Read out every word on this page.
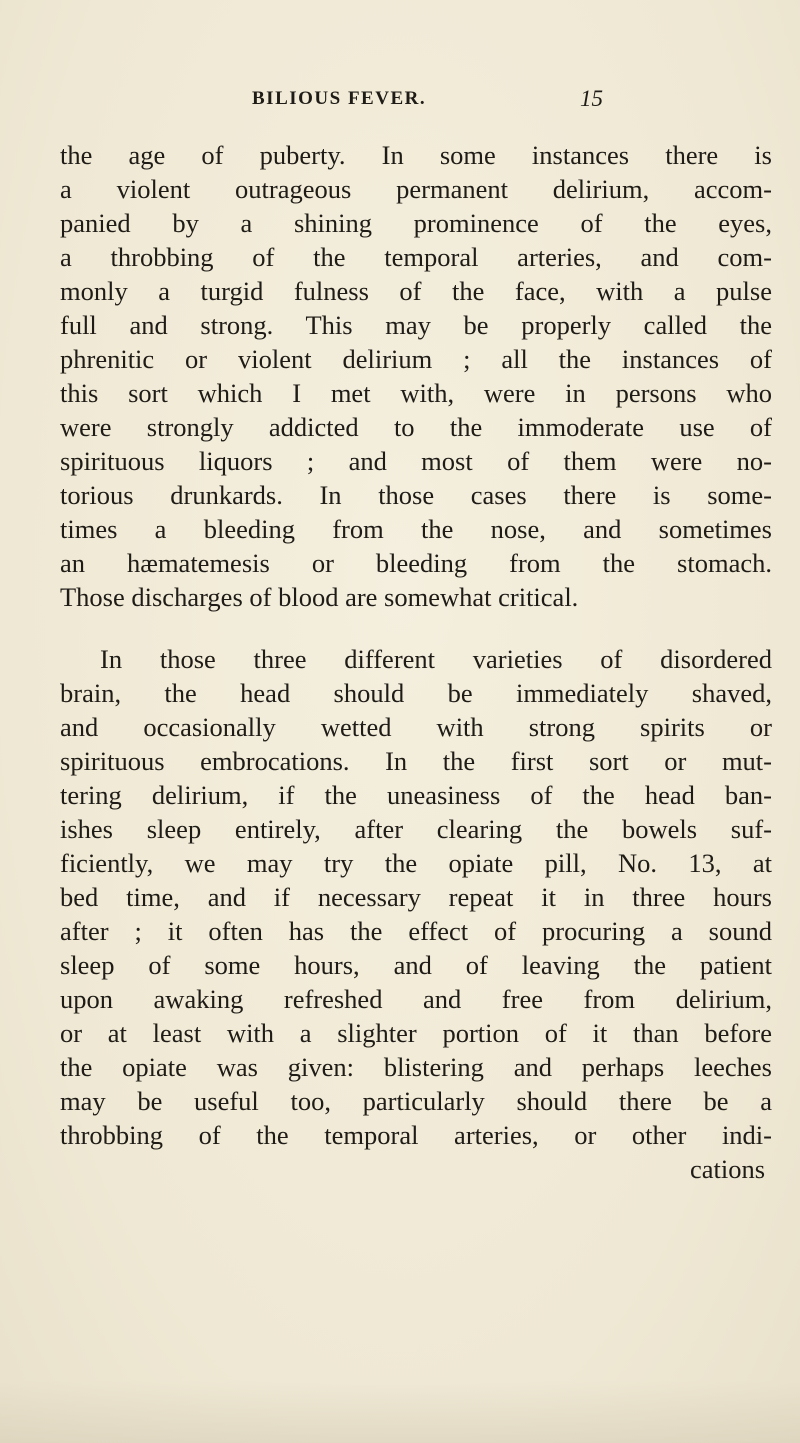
BILIOUS FEVER.	15
the age of puberty. In some instances there is
a violent outrageous permanent delirium, accom-
panied by a shining prominence of the eyes,
a throbbing of the temporal arteries, and com-
monly a turgid fulness of the face, with a pulse
full and strong. This may be properly called the
phrenitic or violent delirium ; all the instances of
this sort which I met with, were in persons who
were strongly addicted to the immoderate use of
spirituous liquors ; and most of them were no-
torious drunkards. In those cases there is some-
times a bleeding from the nose, and sometimes
an hæmatemesis or bleeding from the stomach.
Those discharges of blood are somewhat critical.
In those three different varieties of disordered
brain, the head should be immediately shaved,
and occasionally wetted with strong spirits or
spirituous embrocations. In the first sort or mut-
tering delirium, if the uneasiness of the head ban-
ishes sleep entirely, after clearing the bowels suf-
ficiently, we may try the opiate pill, No. 13, at
bed time, and if necessary repeat it in three hours
after ; it often has the effect of procuring a sound
sleep of some hours, and of leaving the patient
upon awaking refreshed and free from delirium,
or at least with a slighter portion of it than before
the opiate was given: blistering and perhaps leeches
may be useful too, particularly should there be a
throbbing of the temporal arteries, or other indi-
cations
